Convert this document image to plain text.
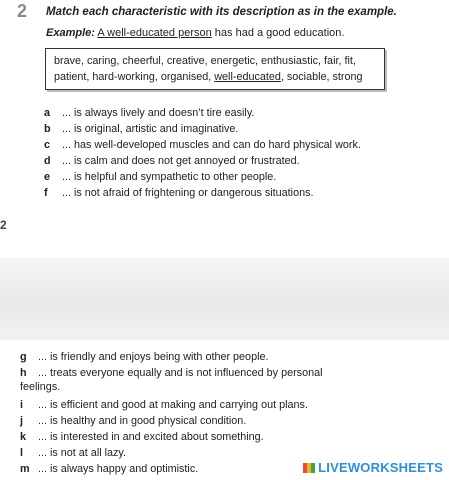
2 Match each characteristic with its description as in the example.
Example: A well-educated person has had a good education.
brave, caring, cheerful, creative, energetic, enthusiastic, fair, fit,
patient, hard-working, organised, well-educated, sociable, strong
a ... is always lively and doesn’t tire easily.
b ... is original, artistic and imaginative.
c ... has well-developed muscles and can do hard physical work.
d ... is calm and does not get annoyed or frustrated.
e ... is helpful and sympathetic to other people.
f ... is not afraid of frightening or dangerous situations.
2
g	... is friendly and enjoys being with other people.
h	... treats everyone equally and is not influenced by personal
feelings.
i	... is efficient and good at making and carrying out plans.
j	... is healthy and in good physical condition.
k	... is interested in and excited about something.
l	... is not at all lazy.
m ... is always happy and optimistic.	LIVEWORKSHEETS
